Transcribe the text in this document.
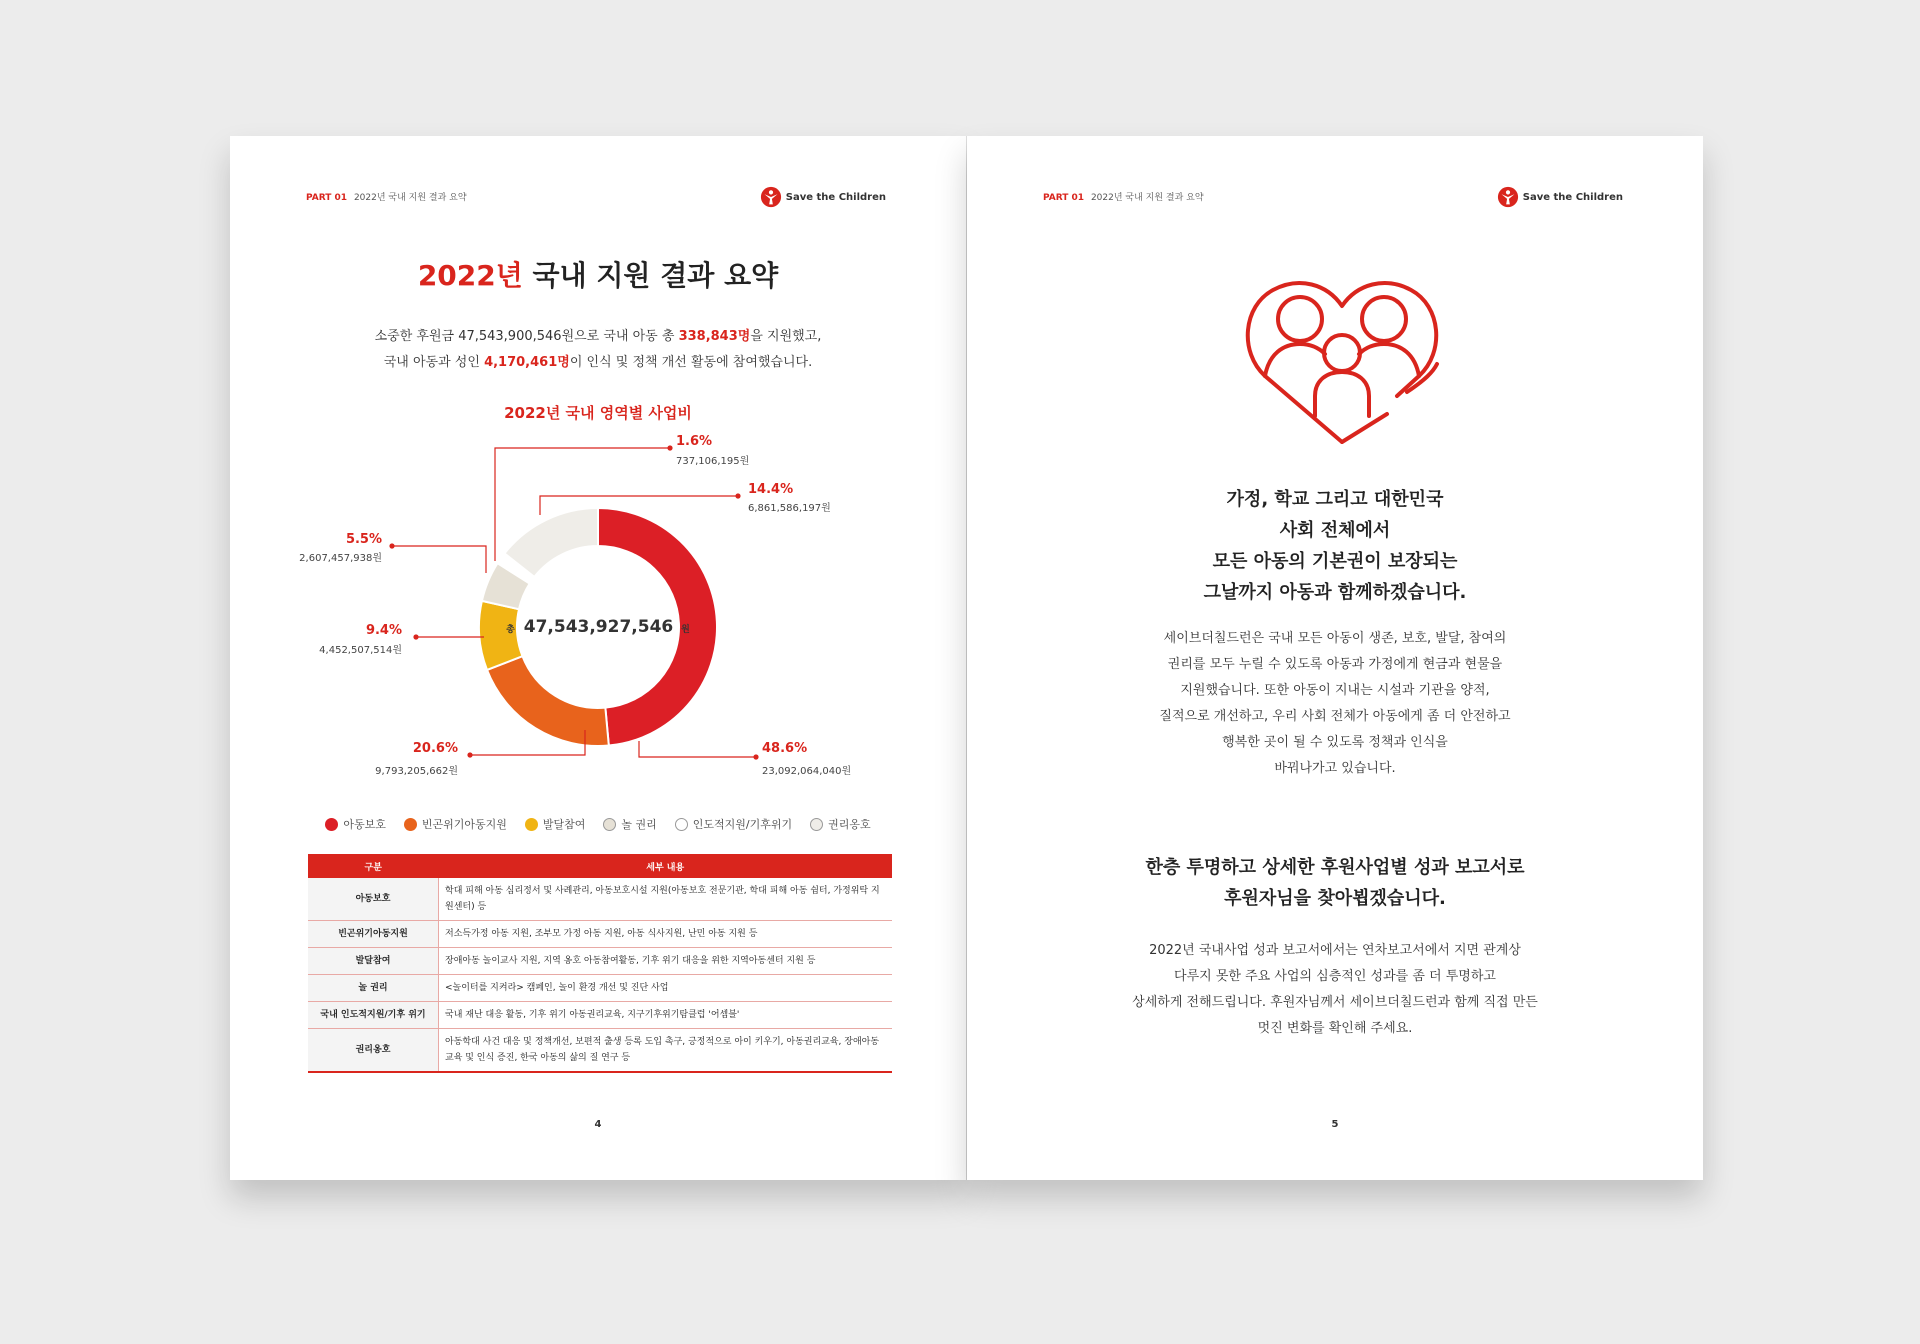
PART 01 2022년 국내 지원 결과 요약	Save the Children
2022년 국내 지원 결과 요약
소중한 후원금 47,543,900,546원으로 국내 아동 총 338,843명을 지원했고,
국내 아동과 성인 4,170,461명이 인식 및 정책 개선 활동에 참여했습니다.
2022년 국내 영역별 사업비
48.6%
23,092,064,040원
20.6%
9,793,205,662원
9.4%
4,452,507,514원
5.5%
2,607,457,938원
1.6%
737,106,195원
14.4%
6,861,586,197원
총 47,543,927,546 원
아동보호	빈곤위기아동지원	발달참여	놀 권리	인도적지원/기후위기	권리옹호
구분	세부 내용
아동보호	학대 피해 아동 심리정서 및 사례관리, 아동보호시설 지원(아동보호 전문기관, 학대 피해 아동 쉼터, 가정위탁 지원센터) 등
빈곤위기아동지원	저소득가정 아동 지원, 조부모 가정 아동 지원, 아동 식사지원, 난민 아동 지원 등
발달참여	장애아동 놀이교사 지원, 지역 옹호 아동참여활동, 기후 위기 대응을 위한 지역아동센터 지원 등
놀 권리	<놀이터를 지켜라> 캠페인, 놀이 환경 개선 및 진단 사업
국내 인도적지원/기후 위기	국내 재난 대응 활동, 기후 위기 아동권리교육, 지구기후위기탐클럽 '어셈블'
권리옹호	아동학대 사건 대응 및 정책개선, 보편적 출생 등록 도입 촉구, 긍정적으로 아이 키우기, 아동권리교육, 장애아동 교육 및 인식 증진, 한국 아동의 삶의 질 연구 등
4
PART 01 2022년 국내 지원 결과 요약	Save the Children
가정, 학교 그리고 대한민국
사회 전체에서
모든 아동의 기본권이 보장되는
그날까지 아동과 함께하겠습니다.
세이브더칠드런은 국내 모든 아동이 생존, 보호, 발달, 참여의
권리를 모두 누릴 수 있도록 아동과 가정에게 현금과 현물을
지원했습니다. 또한 아동이 지내는 시설과 기관을 양적,
질적으로 개선하고, 우리 사회 전체가 아동에게 좀 더 안전하고
행복한 곳이 될 수 있도록 정책과 인식을
바꿔나가고 있습니다.
한층 투명하고 상세한 후원사업별 성과 보고서로
후원자님을 찾아뵙겠습니다.
2022년 국내사업 성과 보고서에서는 연차보고서에서 지면 관계상
다루지 못한 주요 사업의 심층적인 성과를 좀 더 투명하고
상세하게 전해드립니다. 후원자님께서 세이브더칠드런과 함께 직접 만든
멋진 변화를 확인해 주세요.
5
